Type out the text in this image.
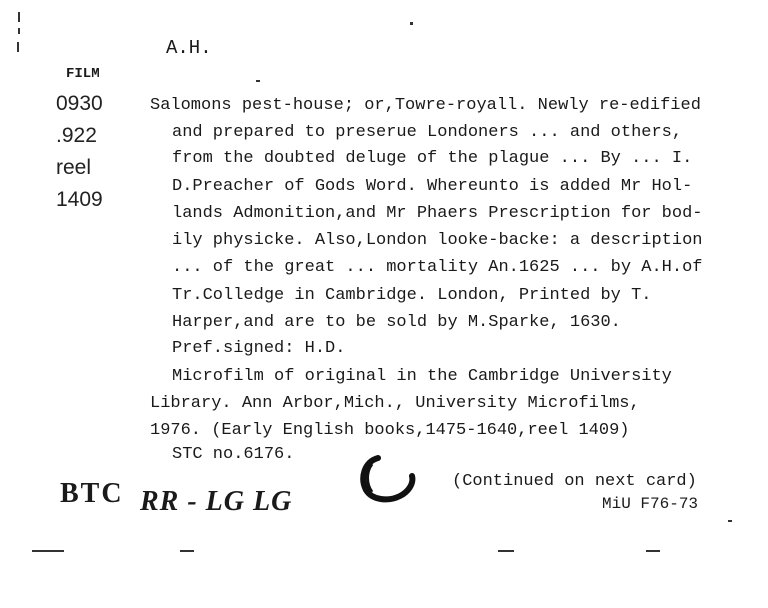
A.H.
FILM
0930
.922
reel
1409
Salomons pest-house; or,Towre-royall. Newly re-edified
and prepared to preserue Londoners ... and others,
from the doubted deluge of the plague ... By ... I.
D.Preacher of Gods Word. Whereunto is added Mr Hol-
lands Admonition,and Mr Phaers Prescription for bod-
ily physicke. Also,London looke-backe: a description
... of the great ... mortality An.1625 ... by A.H.of
Tr.Colledge in Cambridge. London, Printed by T.
Harper,and are to be sold by M.Sparke, 1630.
Pref.signed: H.D.
Microfilm of original in the Cambridge University
Library. Ann Arbor,Mich., University Microfilms,
1976. (Early English books,1475-1640,reel 1409)
STC no.6176.
BTC RR - LG LG
(Continued on next card)
MiU F76-73
